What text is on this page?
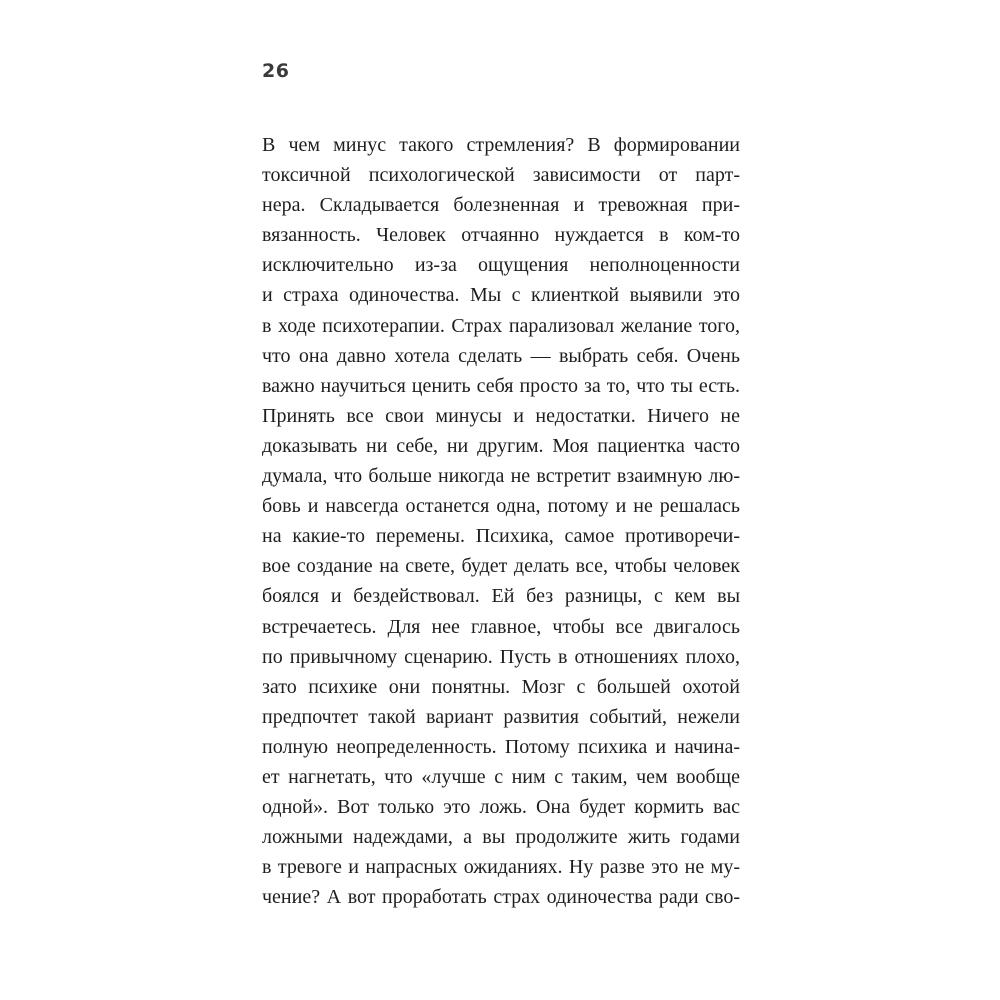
26
В чем минус такого стремления? В формировании
токсичной психологической зависимости от парт-
нера. Складывается болезненная и тревожная при-
вязанность. Человек отчаянно нуждается в ком-то
исключительно из-за ощущения неполноценности
и страха одиночества. Мы с клиенткой выявили это
в ходе психотерапии. Страх парализовал желание того,
что она давно хотела сделать — выбрать себя. Очень
важно научиться ценить себя просто за то, что ты есть.
Принять все свои минусы и недостатки. Ничего не
доказывать ни себе, ни другим. Моя пациентка часто
думала, что больше никогда не встретит взаимную лю-
бовь и навсегда останется одна, потому и не решалась
на какие-то перемены. Психика, самое противоречи-
вое создание на свете, будет делать все, чтобы человек
боялся и бездействовал. Ей без разницы, с кем вы
встречаетесь. Для нее главное, чтобы все двигалось
по привычному сценарию. Пусть в отношениях плохо,
зато психике они понятны. Мозг с большей охотой
предпочтет такой вариант развития событий, нежели
полную неопределенность. Потому психика и начина-
ет нагнетать, что «лучше с ним с таким, чем вообще
одной». Вот только это ложь. Она будет кормить вас
ложными надеждами, а вы продолжите жить годами
в тревоге и напрасных ожиданиях. Ну разве это не му-
чение? А вот проработать страх одиночества ради сво-
